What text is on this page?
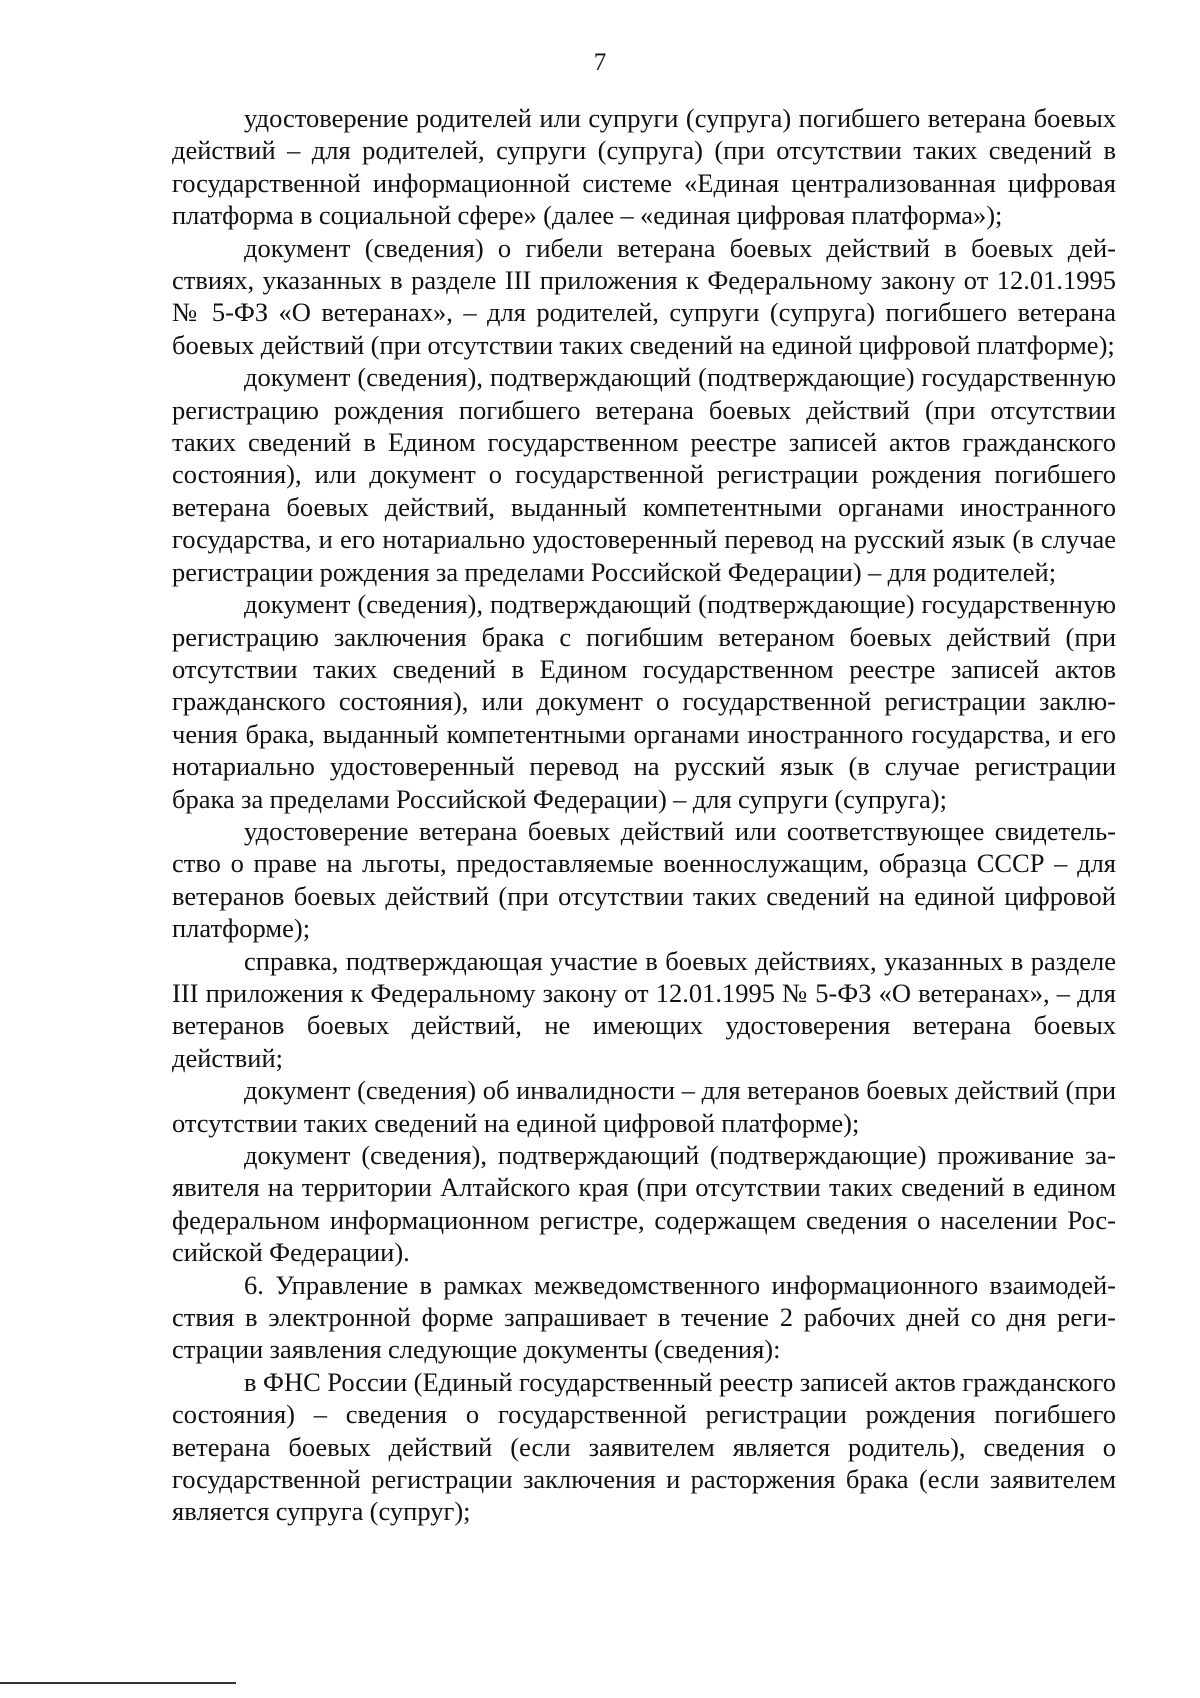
7

удостоверение родителей или супруги (супруга) погибшего ветерана боевых действий – для родителей, супруги (супруга) (при отсутствии таких сведений в государственной информационной системе «Единая централизованная цифровая платформа в социальной сфере» (далее – «единая цифровая платформа»);

документ (сведения) о гибели ветерана боевых действий в боевых действиях, указанных в разделе III приложения к Федеральному закону от 12.01.1995 № 5-ФЗ «О ветеранах», – для родителей, супруги (супруга) погибшего ветерана боевых действий (при отсутствии таких сведений на единой цифровой платформе);

документ (сведения), подтверждающий (подтверждающие) государственную регистрацию рождения погибшего ветерана боевых действий (при отсутствии таких сведений в Едином государственном реестре записей актов гражданского состояния), или документ о государственной регистрации рождения погибшего ветерана боевых действий, выданный компетентными органами иностранного государства, и его нотариально удостоверенный перевод на русский язык (в случае регистрации рождения за пределами Российской Федерации) – для родителей;

документ (сведения), подтверждающий (подтверждающие) государственную регистрацию заключения брака с погибшим ветераном боевых действий (при отсутствии таких сведений в Едином государственном реестре записей актов гражданского состояния), или документ о государственной регистрации заключения брака, выданный компетентными органами иностранного государства, и его нотариально удостоверенный перевод на русский язык (в случае регистрации брака за пределами Российской Федерации) – для супруги (супруга);

удостоверение ветерана боевых действий или соответствующее свидетельство о праве на льготы, предоставляемые военнослужащим, образца СССР – для ветеранов боевых действий (при отсутствии таких сведений на единой цифровой платформе);

справка, подтверждающая участие в боевых действиях, указанных в разделе III приложения к Федеральному закону от 12.01.1995 № 5-ФЗ «О ветеранах», – для ветеранов боевых действий, не имеющих удостоверения ветерана боевых действий;

документ (сведения) об инвалидности – для ветеранов боевых действий (при отсутствии таких сведений на единой цифровой платформе);

документ (сведения), подтверждающий (подтверждающие) проживание заявителя на территории Алтайского края (при отсутствии таких сведений в едином федеральном информационном регистре, содержащем сведения о населении Российской Федерации).

6. Управление в рамках межведомственного информационного взаимодействия в электронной форме запрашивает в течение 2 рабочих дней со дня регистрации заявления следующие документы (сведения):

в ФНС России (Единый государственный реестр записей актов гражданского состояния) – сведения о государственной регистрации рождения погибшего ветерана боевых действий (если заявителем является родитель), сведения о государственной регистрации заключения и расторжения брака (если заявителем является супруга (супруг);
